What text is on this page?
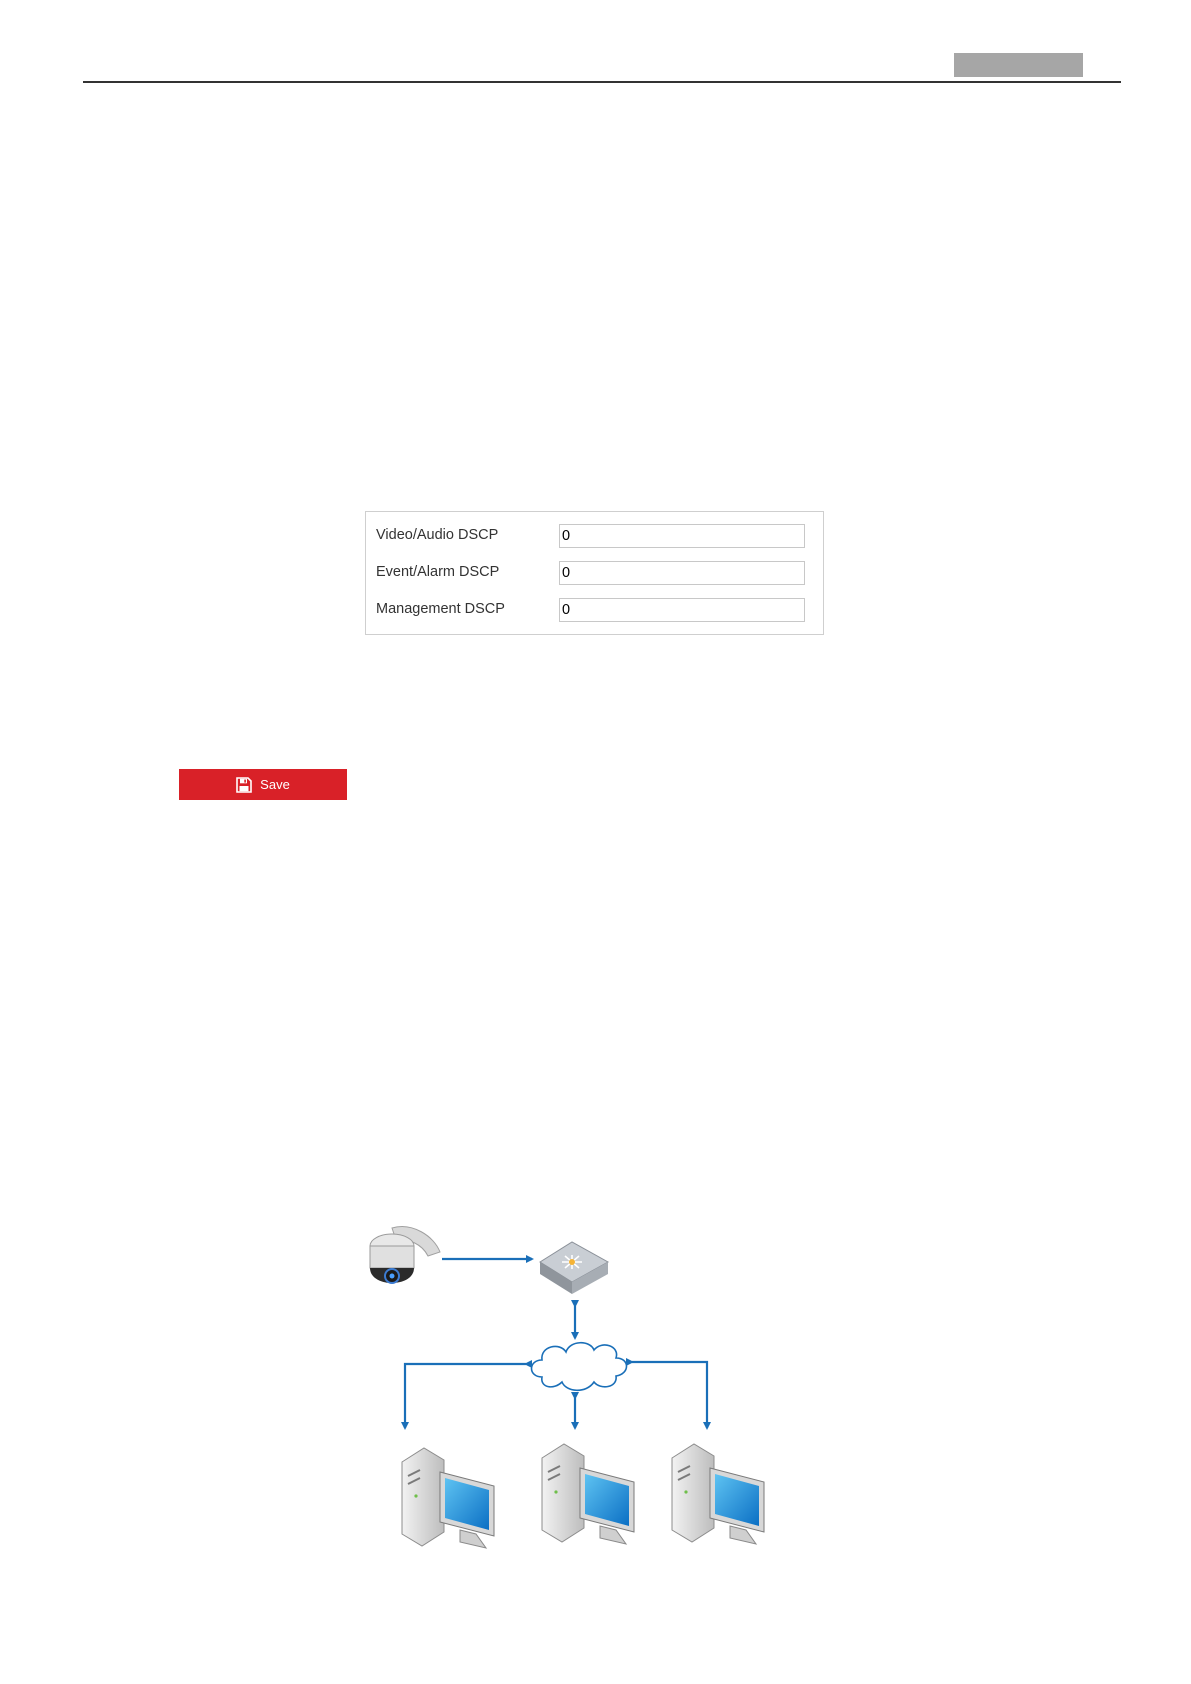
Video/Audio DSCP
0
Event/Alarm DSCP
0
Management DSCP
0
Save
